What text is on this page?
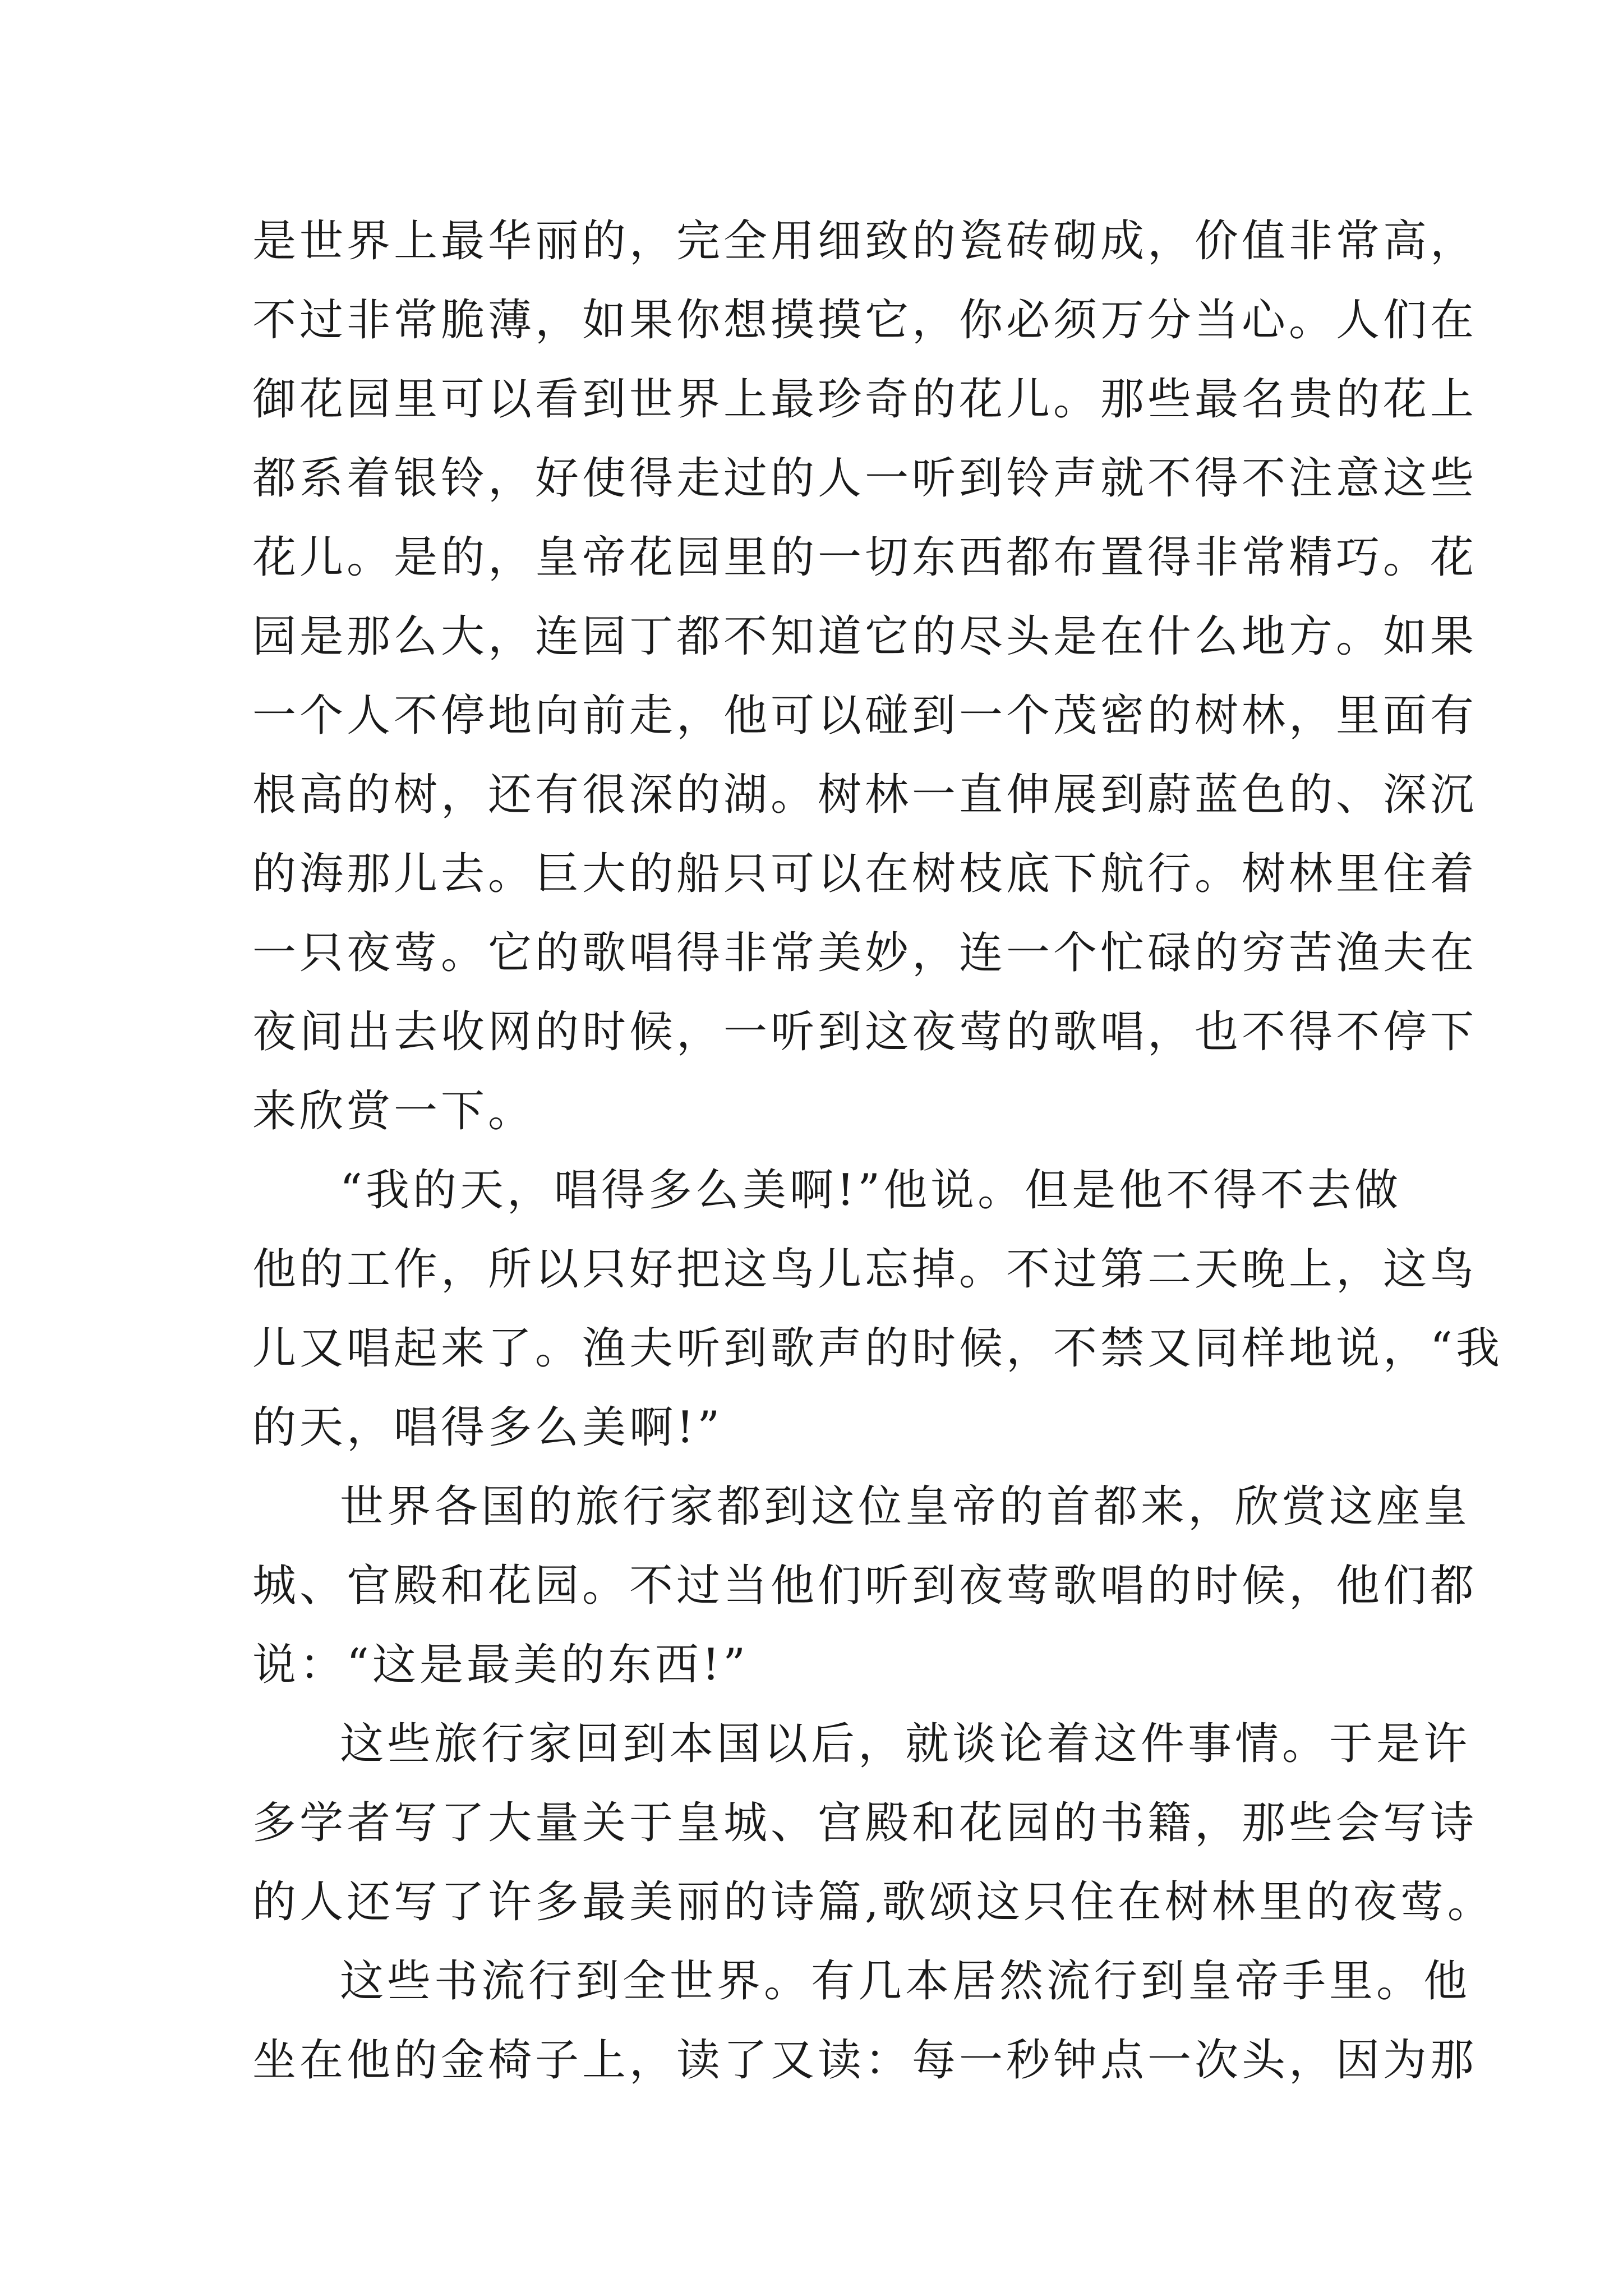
是世界上最华丽的，完全用细致的瓷砖砌成，价值非常高，
不过非常脆薄，如果你想摸摸它，你必须万分当心。人们在
御花园里可以看到世界上最珍奇的花儿。那些最名贵的花上
都系着银铃，好使得走过的人一听到铃声就不得不注意这些
花儿。是的，皇帝花园里的一切东西都布置得非常精巧。花
园是那么大，连园丁都不知道它的尽头是在什么地方。如果
一个人不停地向前走，他可以碰到一个茂密的树林，里面有
根高的树，还有很深的湖。树林一直伸展到蔚蓝色的、深沉
的海那儿去。巨大的船只可以在树枝底下航行。树林里住着
一只夜莺。它的歌唱得非常美妙，连一个忙碌的穷苦渔夫在
夜间出去收网的时候，一听到这夜莺的歌唱，也不得不停下
来欣赏一下。
“我的天，唱得多么美啊!”他说。但是他不得不去做
他的工作，所以只好把这鸟儿忘掉。不过第二天晚上，这鸟
儿又唱起来了。渔夫听到歌声的时候，不禁又同样地说，“我
的天，唱得多么美啊!”
世界各国的旅行家都到这位皇帝的首都来，欣赏这座皇
城、官殿和花园。不过当他们听到夜莺歌唱的时候，他们都
说：“这是最美的东西!”
这些旅行家回到本国以后，就谈论着这件事情。于是许
多学者写了大量关于皇城、宫殿和花园的书籍，那些会写诗
的人还写了许多最美丽的诗篇,歌颂这只住在树林里的夜莺。
这些书流行到全世界。有几本居然流行到皇帝手里。他
坐在他的金椅子上，读了又读：每一秒钟点一次头，因为那
